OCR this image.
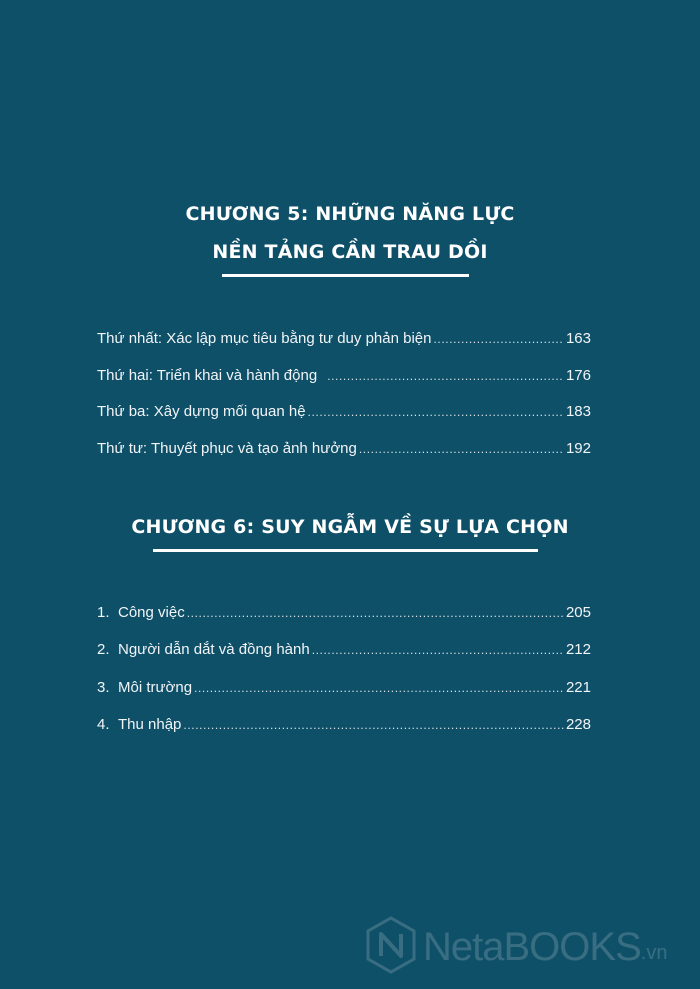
CHƯƠNG 5: NHỮNG NĂNG LỰC
NỀN TẢNG CẦN TRAU DỒI
Thứ nhất: Xác lập mục tiêu bằng tư duy phản biện .....	163
Thứ hai: Triển khai và hành động .....	176
Thứ ba: Xây dựng mối quan hệ .....	183
Thứ tư: Thuyết phục và tạo ảnh hưởng .....	192
CHƯƠNG 6: SUY NGẪM VỀ SỰ LỰA CHỌN
1. Công việc .....	205
2. Người dẫn dắt và đồng hành .....	212
3. Môi trường .....	221
4. Thu nhập .....	228
NetaBOOKS .vn
